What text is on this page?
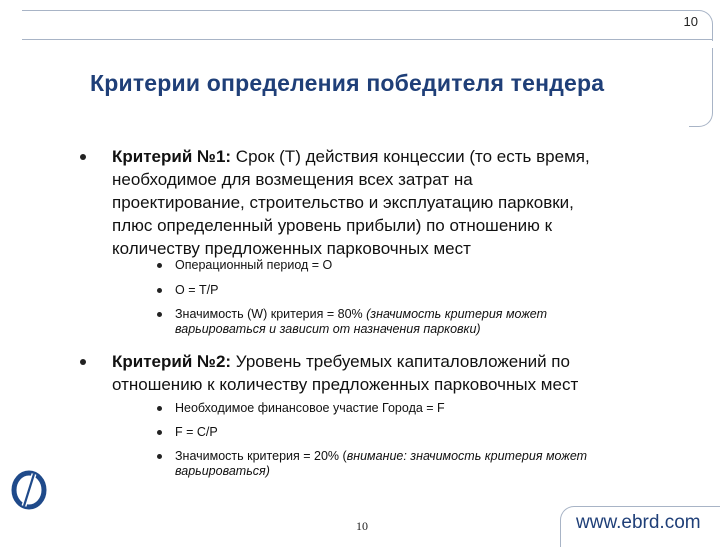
10
Критерии определения победителя тендера
Критерий №1: Срок (Т) действия концессии (то есть время,
необходимое для возмещения всех затрат на
проектирование, строительство и эксплуатацию парковки,
плюс определенный уровень прибыли) по отношению к
количеству предложенных парковочных мест
Операционный период = О
О = Т/Р
Значимость (W) критерия = 80% (значимость критерия может
варьироваться и зависит от назначения парковки)
Критерий №2: Уровень требуемых капиталовложений по
отношению к количеству предложенных парковочных мест
Необходимое финансовое участие Города = F
F = С/Р
Значимость критерия = 20% (внимание: значимость критерия может
варьироваться)
10	www.ebrd.com
